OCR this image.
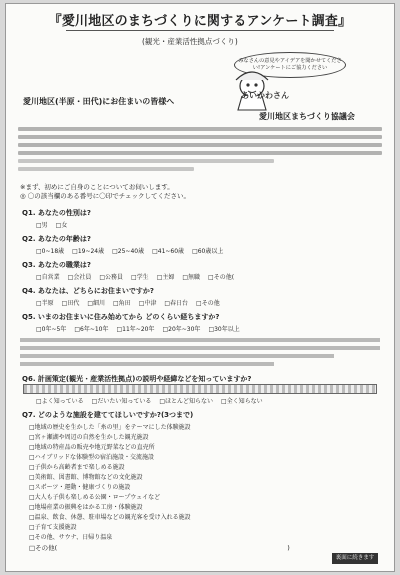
『愛川地区のまちづくりに関するアンケート調査』
(観光・産業活性拠点づくり)
みなさんの意見やアイデアを聞かせてください!アンケートにご協力ください
あいかわさん
愛川地区(半原・田代)にお住まいの皆様へ
愛川地区まちづくり協議会
※まず、初めにご自身のことについてお伺いします。
◎ 〇の該当欄のある番号に〇印でチェックしてください。
Q1. あなたの性別は?
□男 □女
Q2. あなたの年齢は?
□0~18歳 □19~24歳 □25~40歳 □41~60歳 □60歳以上
Q3. あなたの職業は?
□自営業 □会社員 □公務員 □学生 □主婦 □無職 □その他(
Q4. あなたは、どちらにお住まいですか?
□半原 □田代 □細川 □角田 □中津 □春日台 □その他
Q5. いまのお住まいに住み始めてから どのくらい経ちますか?
□0年~5年 □6年~10年 □11年~20年 □20年~30年 □30年以上
Q6. 計画策定(観光・産業活性拠点)の説明や経緯などを知っていますか?
□よく知っている □だいたい知っている □ほとんど知らない □全く知らない
Q7. どのような施設を建ててほしいですか?(3つまで)
□地域の歴史を生かした「糸の里」をテーマにした体験施設
□宮ヶ瀬湖や周辺の自然を生かした観光施設
□地域の特産品の販売や地元野菜などの直売所
□ハイブリッドな体験型の宿泊施設・交流施設
□子供から高齢者まで楽しめる施設
□美術館、図書館、博物館などの文化施設
□スポーツ・運動・健康づくりの施設
□大人も子供も楽しめる公園・ロープウェイなど
□地場産業の振興をはかる工房・体験施設
□温泉、飲食、休憩、駐車場などの観光客を受け入れる施設
□子育て支援施設
□その他、サウナ、日帰り温泉
□その他(	)
裏面に続きます
